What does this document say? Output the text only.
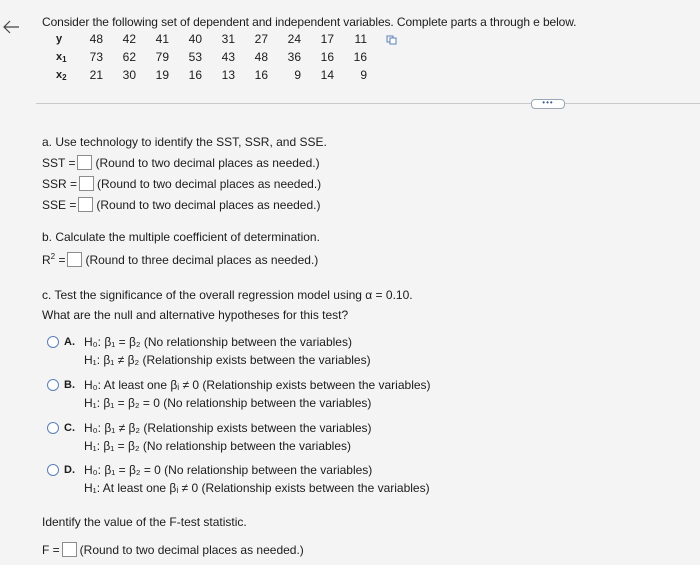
Consider the following set of dependent and independent variables. Complete parts a through e below.
y	48	42	41	40	31	27	24	17	11
$x_1$	73	62	79	53	43	48	36	16	16
$x_2$	21	30	19	16	13	16	9	14	9
•••
a. Use technology to identify the SST, SSR, and SSE.
SST = (Round to two decimal places as needed.)
SSR = (Round to two decimal places as needed.)
SSE = (Round to two decimal places as needed.)
b. Calculate the multiple coefficient of determination.
$R^2$ = (Round to three decimal places as needed.)
c. Test the significance of the overall regression model using α = 0.10.
What are the null and alternative hypotheses for this test?
A. H₀: β₁ = β₂ (No relationship between the variables)
H₁: β₁ ≠ β₂ (Relationship exists between the variables)
B. H₀: At least one βᵢ ≠ 0 (Relationship exists between the variables)
H₁: β₁ = β₂ = 0 (No relationship between the variables)
C. H₀: β₁ ≠ β₂ (Relationship exists between the variables)
H₁: β₁ = β₂ (No relationship between the variables)
D. H₀: β₁ = β₂ = 0 (No relationship between the variables)
H₁: At least one βᵢ ≠ 0 (Relationship exists between the variables)
Identify the value of the F-test statistic.
F = (Round to two decimal places as needed.)
